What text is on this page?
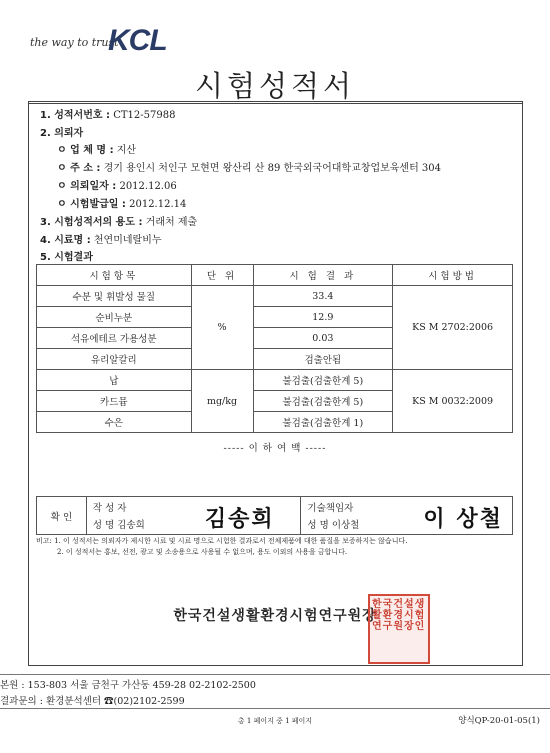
the way to trust
KCL
시험성적서
1. 성적서번호 : CT12-57988
2. 의뢰자
ㅇ 업 체 명 : 지산
ㅇ 주 소 : 경기 용인시 처인구 모현면 왕산리 산 89 한국외국어대학교창업보육센터 304
ㅇ 의뢰일자 : 2012.12.06
ㅇ 시험발급일 : 2012.12.14
3. 시험성적서의 용도 : 거래처 제출
4. 시료명 : 천연미네랄비누
5. 시험결과
시험항목	단 위	시 험 결 과	시험방법
수분 및 휘발성 물질	%	33.4	KS M 2702:2006
순비누분		12.9	
석유에테르 가용성분		0.03	
유리알칼리		검출안됨	
납	mg/kg	불검출(검출한계 5)	KS M 0032:2009
카드뮴		불검출(검출한계 5)	
수은		불검출(검출한계 1)	
----- 이 하 여 백 -----
확 인	
작 성 자
성 명 김송희	김송희	기술책임자
성 명 이상철	이 상철
비고: 1. 이 성적서는 의뢰자가 제시한 시료 및 시료 명으로 시험한 결과로서 전체제품에 대한 품질을 보증하지는 않습니다.
2. 이 성적서는 홍보, 선전, 광고 및 소송용으로 사용될 수 없으며, 용도 이외의 사용을 금합니다.
한국건설생활환경시험연구원장
한국건설생활환경시험연구원장인
본원 : 153-803 서울 금천구 가산동 459-28 02-2102-2500
결과문의 : 환경분석센터 ☎(02)2102-2599
총 1 페이지 중 1 페이지	양식QP-20-01-05(1)
